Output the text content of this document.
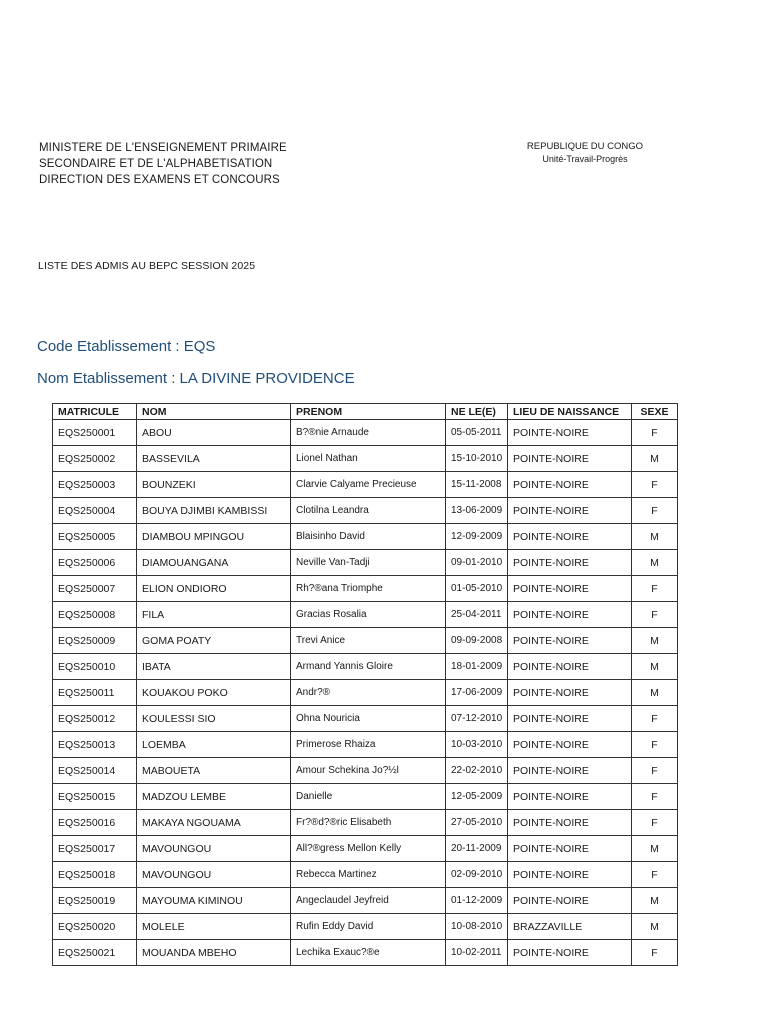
MINISTERE DE L'ENSEIGNEMENT PRIMAIRE
SECONDAIRE ET DE L'ALPHABETISATION
DIRECTION DES EXAMENS ET CONCOURS
REPUBLIQUE DU CONGO
Unité-Travail-Progrès
LISTE DES ADMIS AU BEPC SESSION 2025
Code Etablissement : EQS
Nom Etablissement : LA DIVINE PROVIDENCE
MATRICULE	NOM	PRENOM	NE LE(E)	LIEU DE NAISSANCE	SEXE
EQS250001	ABOU	B?®nie Arnaude	05-05-2011	POINTE-NOIRE	F
EQS250002	BASSEVILA	Lionel Nathan	15-10-2010	POINTE-NOIRE	M
EQS250003	BOUNZEKI	Clarvie Calyame Precieuse	15-11-2008	POINTE-NOIRE	F
EQS250004	BOUYA DJIMBI KAMBISSI	Clotilna Leandra	13-06-2009	POINTE-NOIRE	F
EQS250005	DIAMBOU MPINGOU	Blaisinho David	12-09-2009	POINTE-NOIRE	M
EQS250006	DIAMOUANGANA	Neville Van-Tadji	09-01-2010	POINTE-NOIRE	M
EQS250007	ELION ONDIORO	Rh?®ana Triomphe	01-05-2010	POINTE-NOIRE	F
EQS250008	FILA	Gracias Rosalia	25-04-2011	POINTE-NOIRE	F
EQS250009	GOMA POATY	Trevi Anice	09-09-2008	POINTE-NOIRE	M
EQS250010	IBATA	Armand Yannis Gloire	18-01-2009	POINTE-NOIRE	M
EQS250011	KOUAKOU POKO	Andr?®	17-06-2009	POINTE-NOIRE	M
EQS250012	KOULESSI SIO	Ohna Nouricia	07-12-2010	POINTE-NOIRE	F
EQS250013	LOEMBA	Primerose Rhaiza	10-03-2010	POINTE-NOIRE	F
EQS250014	MABOUETA	Amour Schekina Jo?½l	22-02-2010	POINTE-NOIRE	F
EQS250015	MADZOU LEMBE	Danielle	12-05-2009	POINTE-NOIRE	F
EQS250016	MAKAYA NGOUAMA	Fr?®d?®ric Elisabeth	27-05-2010	POINTE-NOIRE	F
EQS250017	MAVOUNGOU	All?®gress Mellon Kelly	20-11-2009	POINTE-NOIRE	M
EQS250018	MAVOUNGOU	Rebecca Martinez	02-09-2010	POINTE-NOIRE	F
EQS250019	MAYOUMA KIMINOU	Angeclaudel Jeyfreid	01-12-2009	POINTE-NOIRE	M
EQS250020	MOLELE	Rufin Eddy David	10-08-2010	BRAZZAVILLE	M
EQS250021	MOUANDA MBEHO	Lechika Exauc?®e	10-02-2011	POINTE-NOIRE	F
